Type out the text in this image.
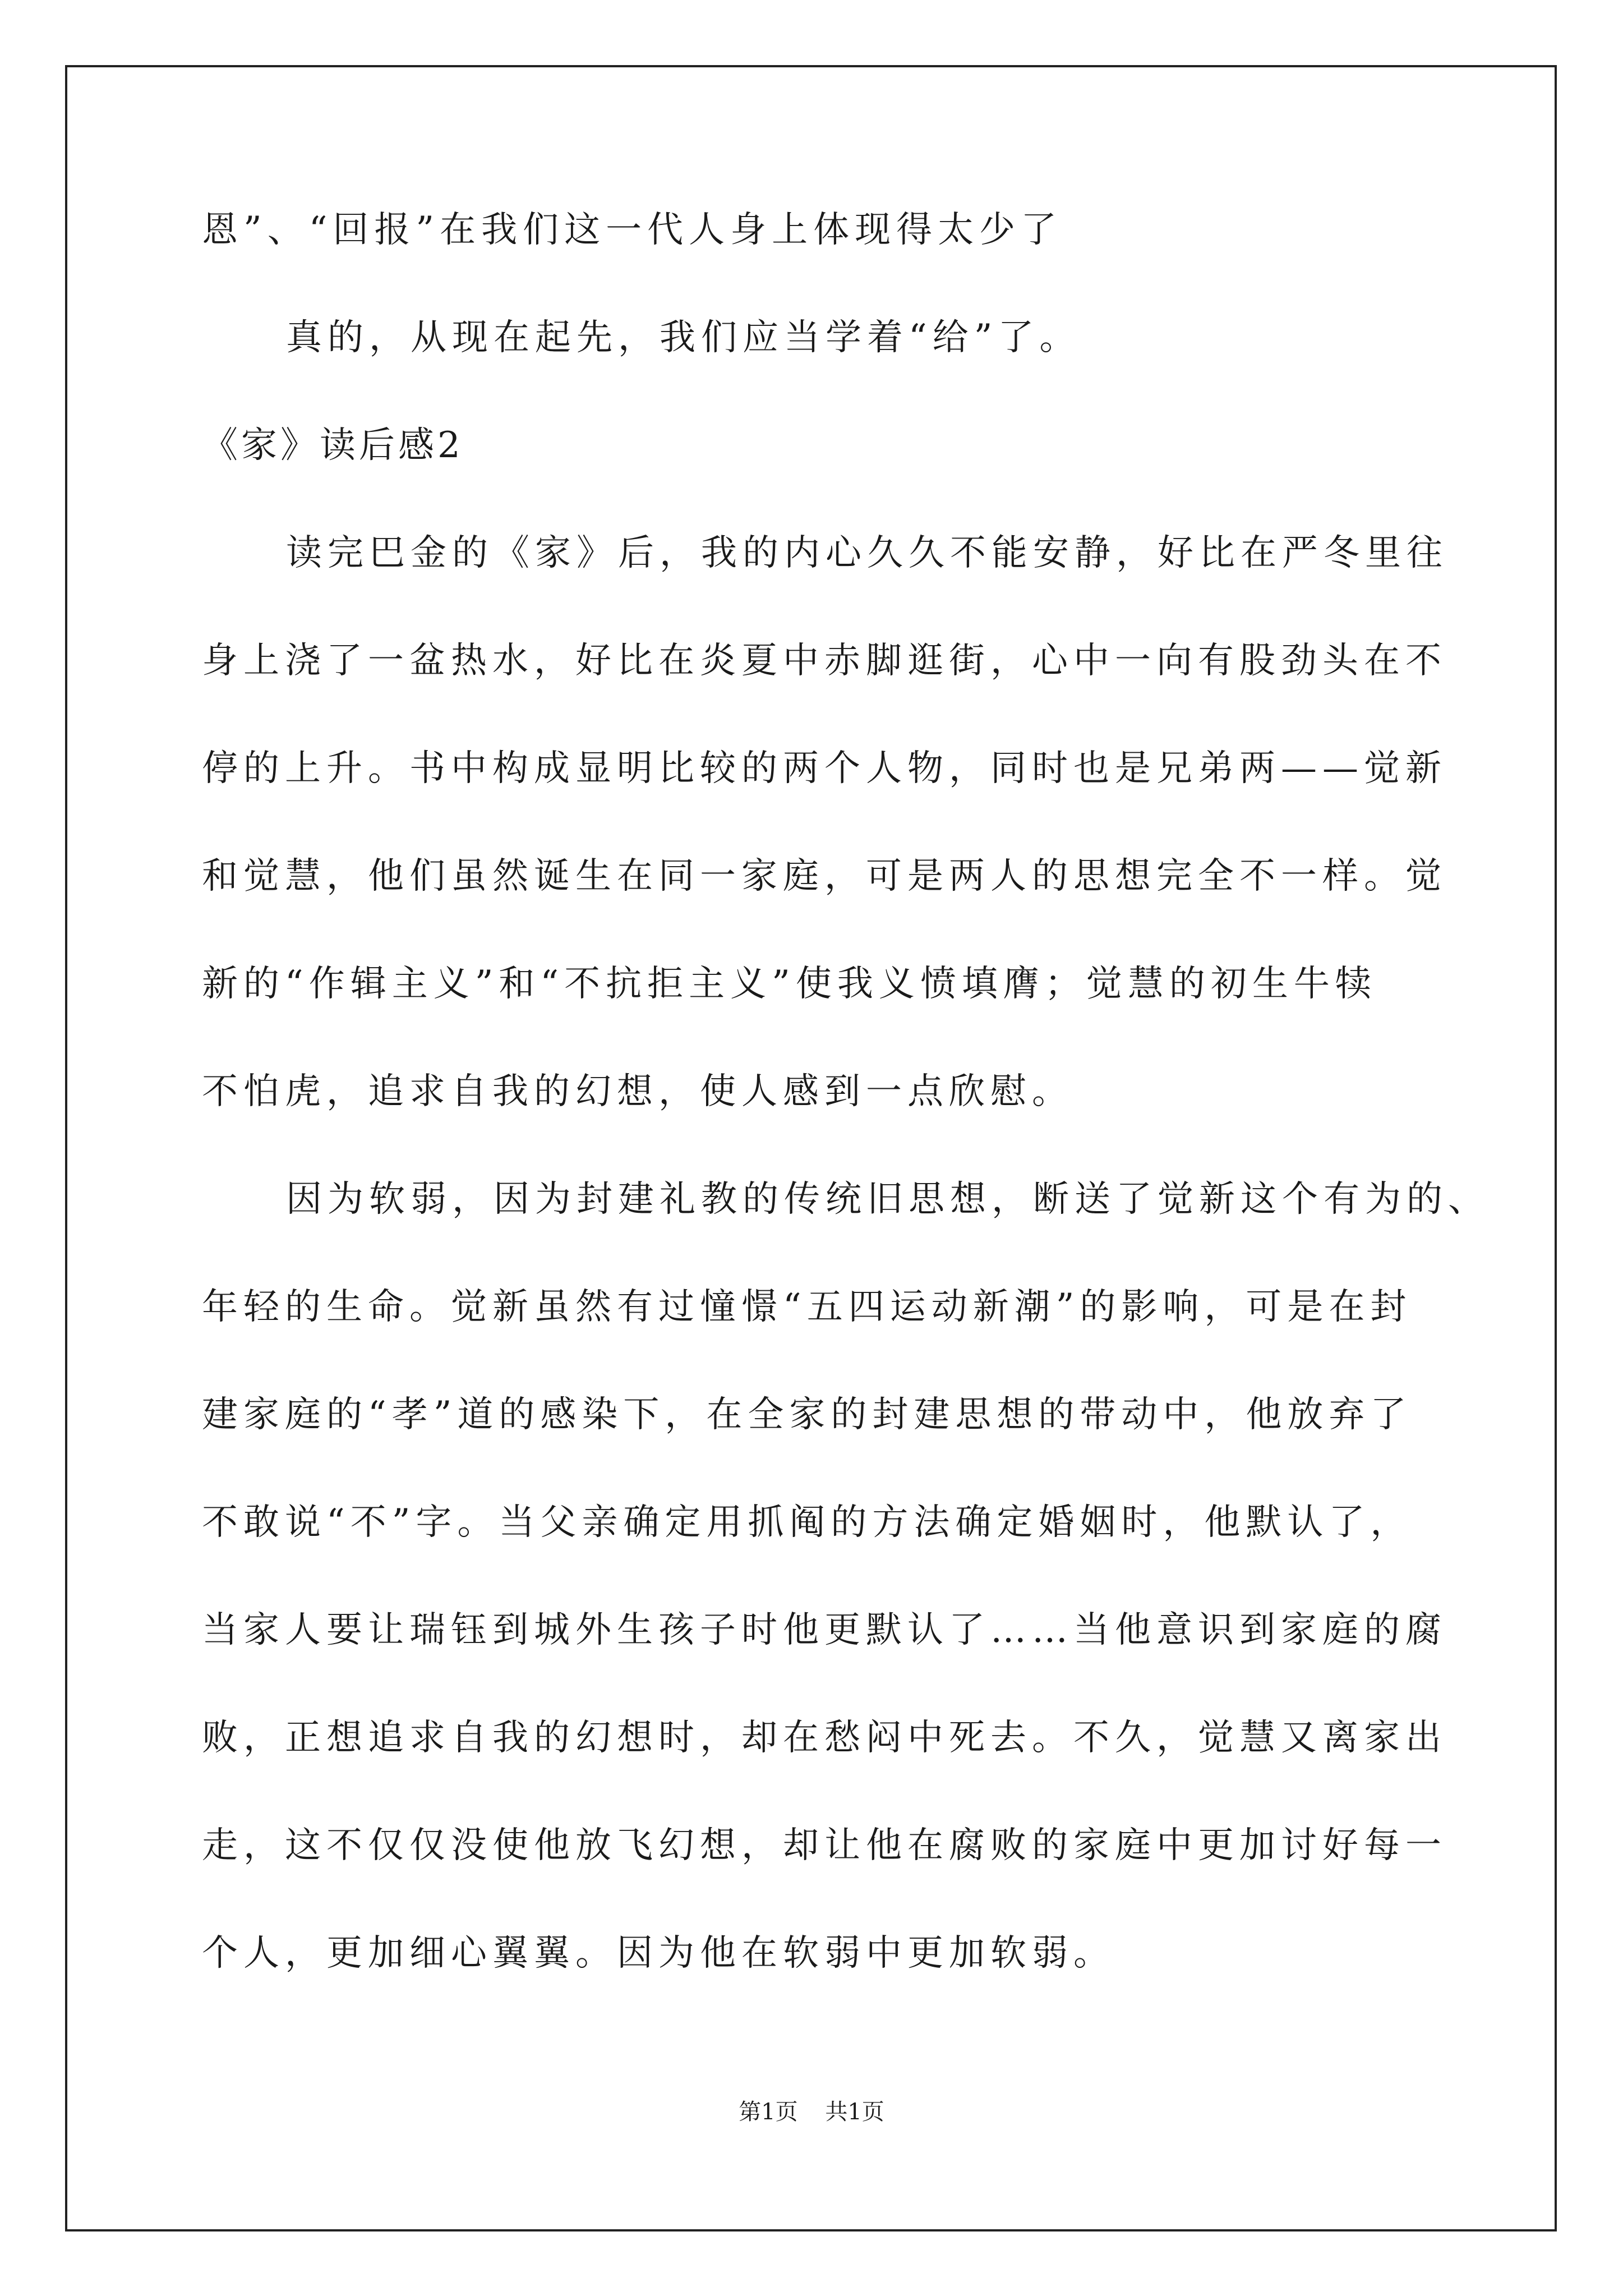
恩”、“回报”在我们这一代人身上体现得太少了
真的，从现在起先，我们应当学着“给”了。
《家》读后感2
读完巴金的《家》后，我的内心久久不能安静，好比在严冬里往
身上浇了一盆热水，好比在炎夏中赤脚逛街，心中一向有股劲头在不
停的上升。书中构成显明比较的两个人物，同时也是兄弟两——觉新
和觉慧，他们虽然诞生在同一家庭，可是两人的思想完全不一样。觉
新的“作辑主义”和“不抗拒主义”使我义愤填膺；觉慧的初生牛犊
不怕虎，追求自我的幻想，使人感到一点欣慰。
因为软弱，因为封建礼教的传统旧思想，断送了觉新这个有为的、
年轻的生命。觉新虽然有过憧憬“五四运动新潮”的影响，可是在封
建家庭的“孝”道的感染下，在全家的封建思想的带动中，他放弃了
不敢说“不”字。当父亲确定用抓阄的方法确定婚姻时，他默认了，
当家人要让瑞钰到城外生孩子时他更默认了……当他意识到家庭的腐
败，正想追求自我的幻想时，却在愁闷中死去。不久，觉慧又离家出
走，这不仅仅没使他放飞幻想，却让他在腐败的家庭中更加讨好每一
个人，更加细心翼翼。因为他在软弱中更加软弱。
第1页 共1页
